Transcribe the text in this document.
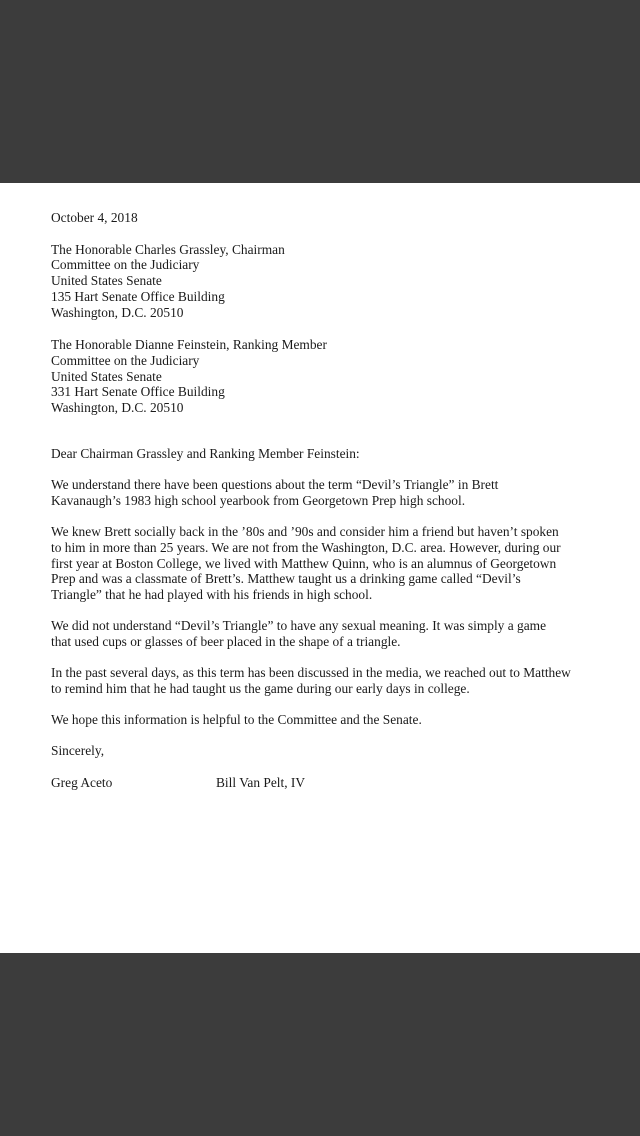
October 4, 2018
The Honorable Charles Grassley, Chairman
Committee on the Judiciary
United States Senate
135 Hart Senate Office Building
Washington, D.C. 20510
The Honorable Dianne Feinstein, Ranking Member
Committee on the Judiciary
United States Senate
331 Hart Senate Office Building
Washington, D.C. 20510
Dear Chairman Grassley and Ranking Member Feinstein:
We understand there have been questions about the term “Devil’s Triangle” in Brett
Kavanaugh’s 1983 high school yearbook from Georgetown Prep high school.
We knew Brett socially back in the ’80s and ’90s and consider him a friend but haven’t spoken
to him in more than 25 years. We are not from the Washington, D.C. area. However, during our
first year at Boston College, we lived with Matthew Quinn, who is an alumnus of Georgetown
Prep and was a classmate of Brett’s. Matthew taught us a drinking game called “Devil’s
Triangle” that he had played with his friends in high school.
We did not understand “Devil’s Triangle” to have any sexual meaning. It was simply a game
that used cups or glasses of beer placed in the shape of a triangle.
In the past several days, as this term has been discussed in the media, we reached out to Matthew
to remind him that he had taught us the game during our early days in college.
We hope this information is helpful to the Committee and the Senate.
Sincerely,
Greg Aceto	Bill Van Pelt, IV
